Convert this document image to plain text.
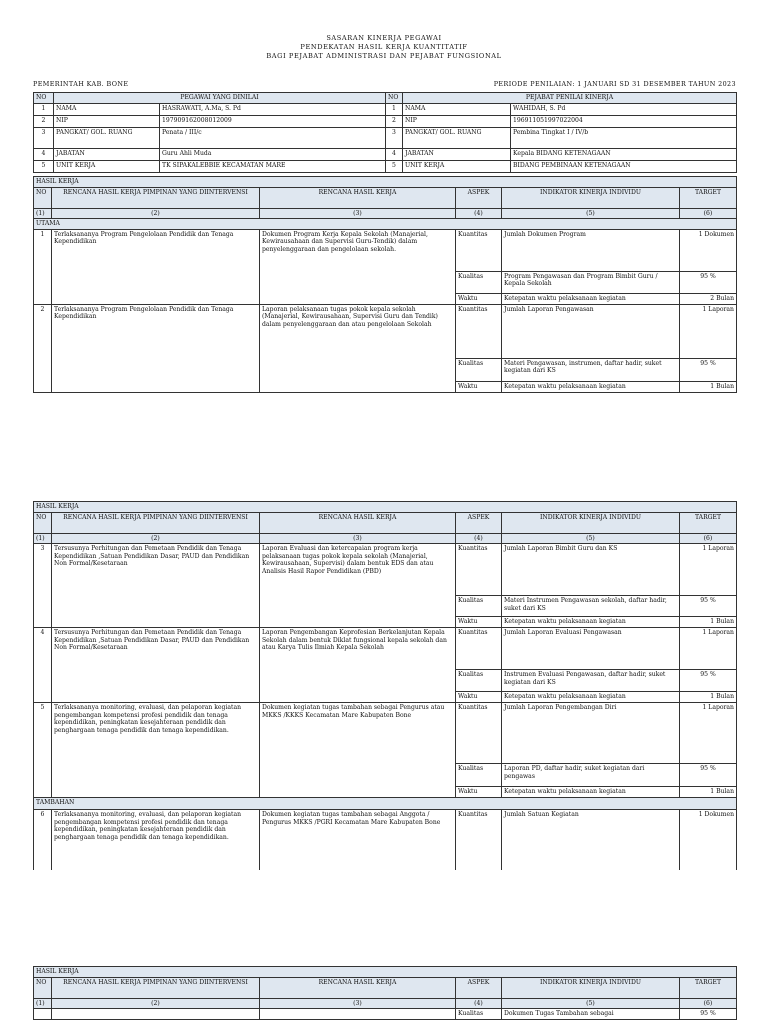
SASARAN KINERJA PEGAWAI
PENDEKATAN HASIL KERJA KUANTITATIF
BAGI PEJABAT ADMINISTRASI DAN PEJABAT FUNGSIONAL
PEMERINTAH KAB. BONE	PERIODE PENILAIAN: 1 JANUARI SD 31 DESEMBER TAHUN 2023
NO	PEGAWAI YANG DINILAI		NO	PEJABAT PENILAI KINERJA	
1	NAMA	HASRAWATI, A.Ma, S. Pd	1	NAMA	WAHIDAH, S. Pd
2	NIP	197909162008012009	2	NIP	196911051997022004
3	PANGKAT/ GOL. RUANG	Penata / III/c	3	PANGKAT/ GOL. RUANG	Pembina Tingkat I / IV/b
4	JABATAN	Guru Ahli Muda	4	JABATAN	Kepala BIDANG KETENAGAAN
5	UNIT KERJA	TK SIPAKALEBBIE KECAMATAN MARE	5	UNIT KERJA	BIDANG PEMBINAAN KETENAGAAN
HASIL KERJA					
NO	RENCANA HASIL KERJA PIMPINAN YANG DIINTERVENSI	RENCANA HASIL KERJA	ASPEK	INDIKATOR KINERJA INDIVIDU	TARGET
(1)	(2)	(3)	(4)	(5)	(6)
UTAMA					
1	Terlaksananya Program Pengelolaan Pendidik dan Tenaga Kependidikan	Dokumen Program Kerja Kepala Sekolah (Manajerial, Kewirausahaan dan Supervisi Guru-Tendik) dalam penyelenggaraan dan pengelolaan sekolah.	Kuantitas	Jumlah Dokumen Program	1 Dokumen
			Kualitas	Program Pengawasan dan Program Bimbit Guru / Kepala Sekolah	95 %
			Waktu	Ketepatan waktu pelaksanaan kegiatan	2 Bulan
2	Terlaksananya Program Pengelolaan Pendidik dan Tenaga Kependidikan	Laporan pelaksanaan tugas pokok kepala sekolah (Manajerial, Kewirausahaan, Supervisi Guru dan Tendik) dalam penyelenggaraan dan atau pengelolaan Sekolah	Kuantitas	Jumlah Laporan Pengawasan	1 Laporan
			Kualitas	Materi Pengawasan, instrumen, daftar hadir, suket kegiatan dari KS	95 %
			Waktu	Ketepatan waktu pelaksanaan kegiatan	1 Bulan
HASIL KERJA					
NO	RENCANA HASIL KERJA PIMPINAN YANG DIINTERVENSI	RENCANA HASIL KERJA	ASPEK	INDIKATOR KINERJA INDIVIDU	TARGET
(1)	(2)	(3)	(4)	(5)	(6)
3	Tersusunya Perhitungan dan Pemetaan Pendidik dan Tenaga Kependidikan ,Satuan Pendidikan Dasar, PAUD dan Pendidikan Non Formal/Kesetaraan	Laporan Evaluasi dan ketercapaian program kerja pelaksanaan tugas pokok kepala sekolah (Manajerial, Kewirausahaan, Supervisi) dalam bentuk EDS dan atau Analisis Hasil Rapor Pendidikan (PBD)	Kuantitas	Jumlah Laporan Bimbit Guru dan KS	1 Laporan
			Kualitas	Materi Instrumen Pengawasan sekolah, daftar hadir, suket dari KS	95 %
			Waktu	Ketepatan waktu pelaksanaan kegiatan	1 Bulan
4	Tersusunya Perhitungan dan Pemetaan Pendidik dan Tenaga Kependidikan ,Satuan Pendidikan Dasar, PAUD dan Pendidikan Non Formal/Kesetaraan	Laporan Pengembangan Keprofesian Berkelanjutan Kepala Sekolah dalam bentuk Diklat fungsional kepala sekolah dan atau Karya Tulis Ilmiah Kepala Sekolah	Kuantitas	Jumlah Laporan Evaluasi Pengawasan	1 Laporan
			Kualitas	Instrumen Evaluasi Pengawasan, daftar hadir, suket kegiatan dari KS	95 %
			Waktu	Ketepatan waktu pelaksanaan kegiatan	1 Bulan
5	Terlaksananya monitoring, evaluasi, dan pelaporan kegiatan pengembangan kompetensi profesi pendidik dan tenaga kependidikan, peningkatan kesejahteraan pendidik dan penghargaan tenaga pendidik dan tenaga kependidikan.	Dokumen kegiatan tugas tambahan sebagai Pengurus atau MKKS /KKKS Kecamatan Mare Kabupaten Bone	Kuantitas	Jumlah Laporan Pengembangan Diri	1 Laporan
			Kualitas	Laporan PD, daftar hadir, suket kegiatan dari pengawas	95 %
			Waktu	Ketepatan waktu pelaksanaan kegiatan	1 Bulan
TAMBAHAN					
6	Terlaksananya monitoring, evaluasi, dan pelaporan kegiatan pengembangan kompetensi profesi pendidik dan tenaga kependidikan, peningkatan kesejahteraan pendidik dan penghargaan tenaga pendidik dan tenaga kependidikan.	Dokumen kegiatan tugas tambahan sebagai Anggota / Pengurus MKKS /PGRI Kecamatan Mare Kabupaten Bone	Kuantitas	Jumlah Satuan Kegiatan	1 Dokumen
HASIL KERJA					
NO	RENCANA HASIL KERJA PIMPINAN YANG DIINTERVENSI	RENCANA HASIL KERJA	ASPEK	INDIKATOR KINERJA INDIVIDU	TARGET
(1)	(2)	(3)	(4)	(5)	(6)
			Kualitas	Dokumen Tugas Tambahan sebagai	95 %
